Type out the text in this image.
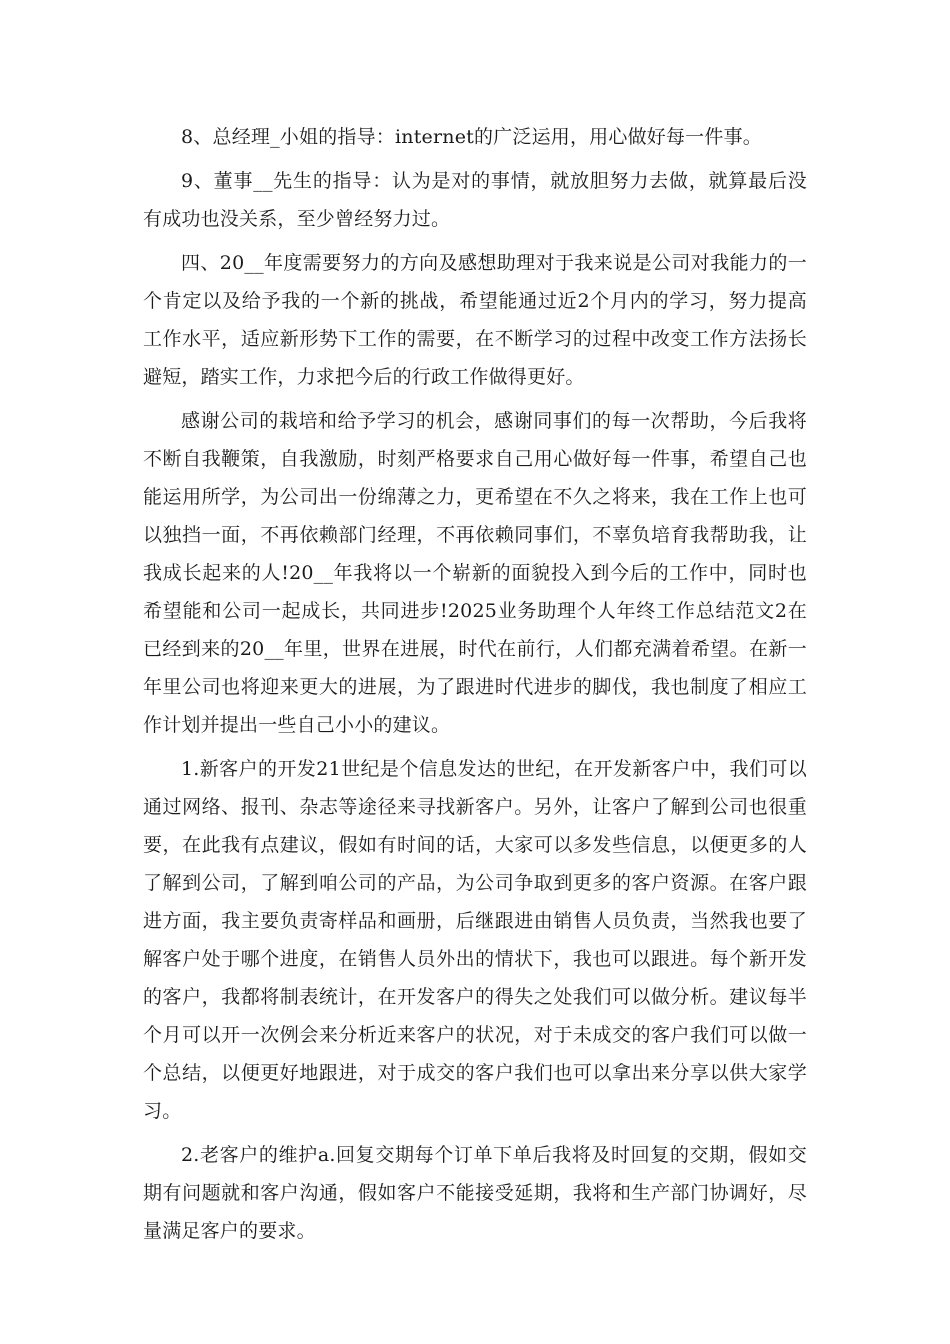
8、总经理_小姐的指导：internet的广泛运用，用心做好每一件事。

9、董事__先生的指导：认为是对的事情，就放胆努力去做，就算最后没有成功也没关系，至少曾经努力过。

四、20__年度需要努力的方向及感想助理对于我来说是公司对我能力的一个肯定以及给予我的一个新的挑战，希望能通过近2个月内的学习，努力提高工作水平，适应新形势下工作的需要，在不断学习的过程中改变工作方法扬长避短，踏实工作，力求把今后的行政工作做得更好。

感谢公司的栽培和给予学习的机会，感谢同事们的每一次帮助，今后我将不断自我鞭策，自我激励，时刻严格要求自己用心做好每一件事，希望自己也能运用所学，为公司出一份绵薄之力，更希望在不久之将来，我在工作上也可以独挡一面，不再依赖部门经理，不再依赖同事们，不辜负培育我帮助我，让我成长起来的人!20__年我将以一个崭新的面貌投入到今后的工作中，同时也希望能和公司一起成长，共同进步!2025业务助理个人年终工作总结范文2在已经到来的20__年里，世界在进展，时代在前行，人们都充满着希望。在新一年里公司也将迎来更大的进展，为了跟进时代进步的脚伐，我也制度了相应工作计划并提出一些自己小小的建议。

1.新客户的开发21世纪是个信息发达的世纪，在开发新客户中，我们可以通过网络、报刊、杂志等途径来寻找新客户。另外，让客户了解到公司也很重要，在此我有点建议，假如有时间的话，大家可以多发些信息，以便更多的人了解到公司，了解到咱公司的产品，为公司争取到更多的客户资源。在客户跟进方面，我主要负责寄样品和画册，后继跟进由销售人员负责，当然我也要了解客户处于哪个进度，在销售人员外出的情状下，我也可以跟进。每个新开发的客户，我都将制表统计，在开发客户的得失之处我们可以做分析。建议每半个月可以开一次例会来分析近来客户的状况，对于未成交的客户我们可以做一个总结，以便更好地跟进，对于成交的客户我们也可以拿出来分享以供大家学习。

2.老客户的维护a.回复交期每个订单下单后我将及时回复的交期，假如交期有问题就和客户沟通，假如客户不能接受延期，我将和生产部门协调好，尽量满足客户的要求。
